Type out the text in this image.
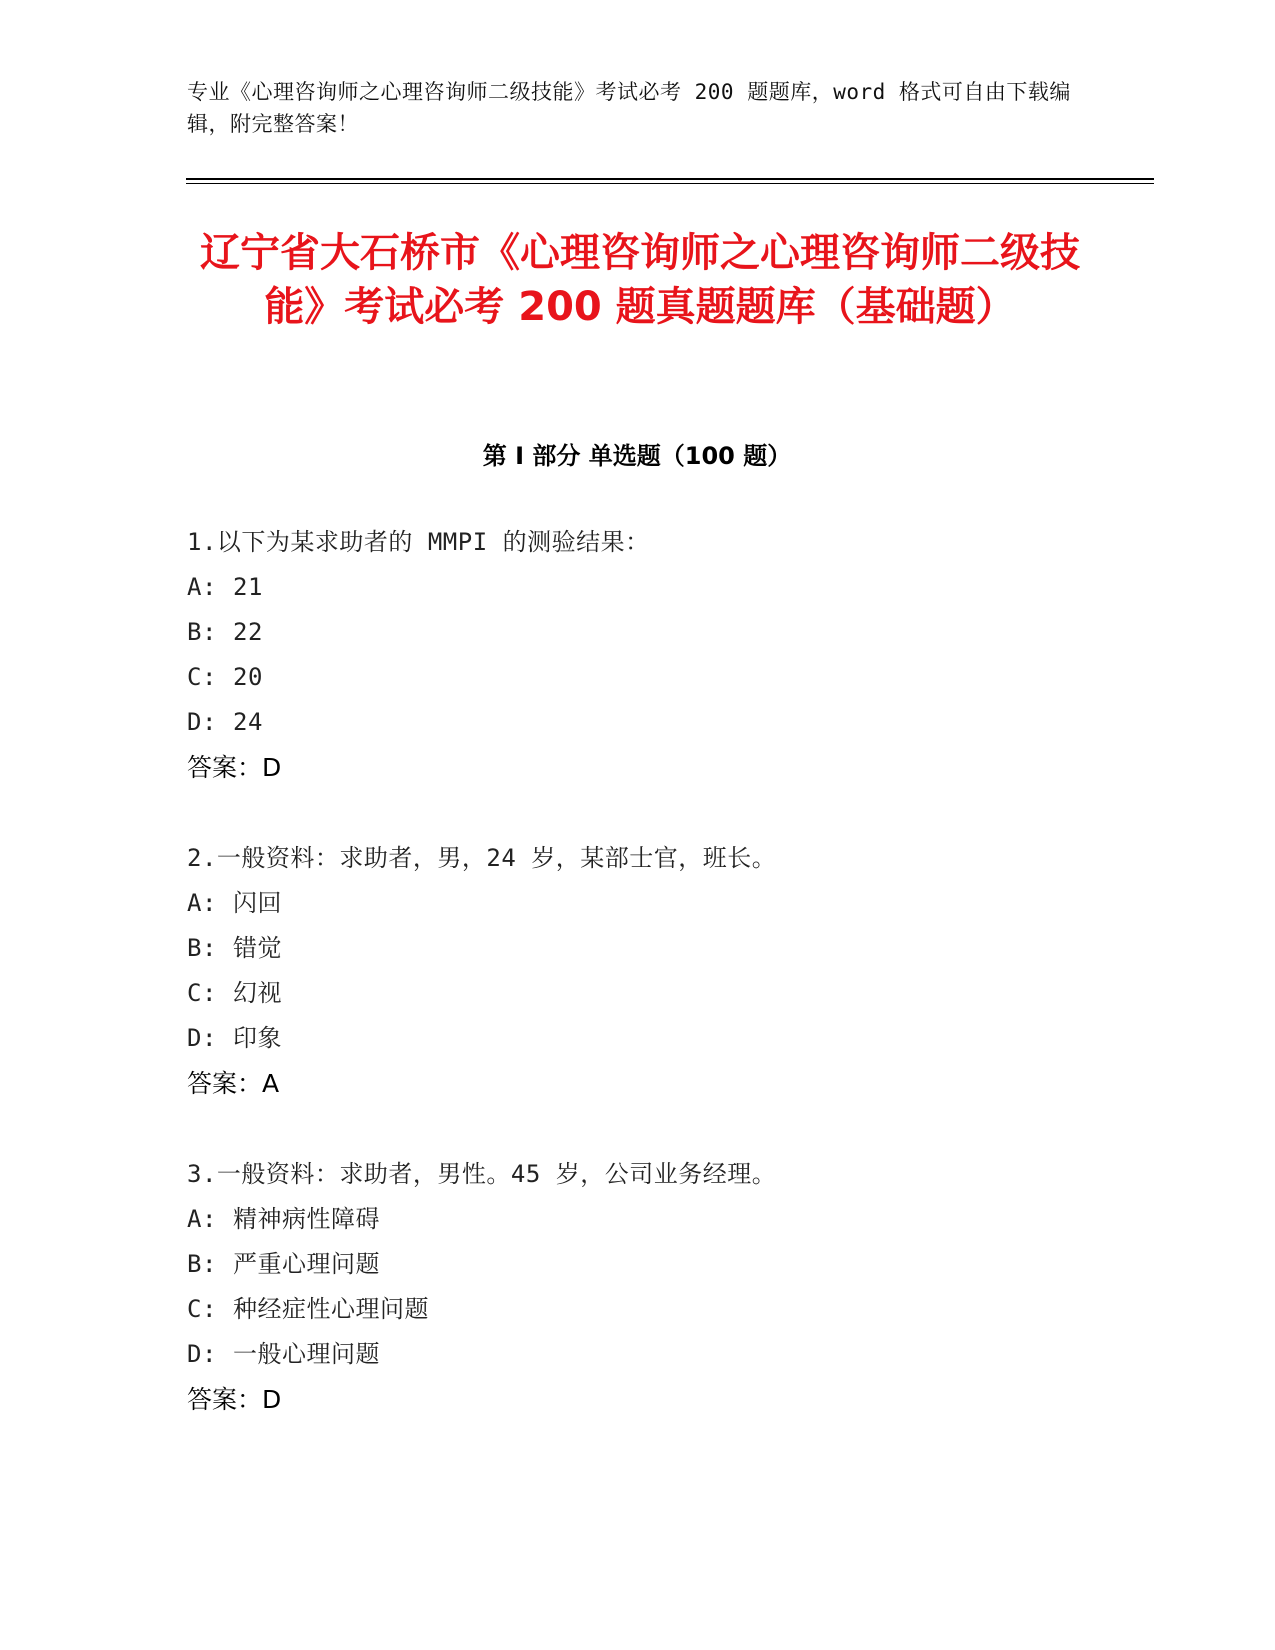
专业《心理咨询师之心理咨询师二级技能》考试必考 200 题题库，word 格式可自由下载编辑，附完整答案！
辽宁省大石桥市《心理咨询师之心理咨询师二级技能》考试必考 200 题真题题库（基础题）
第 I 部分 单选题（100 题）
1.以下为某求助者的 MMPI 的测验结果：
A: 21
B: 22
C: 20
D: 24
答案：D
2.一般资料：求助者，男，24 岁，某部士官，班长。
A: 闪回
B: 错觉
C: 幻视
D: 印象
答案：A
3.一般资料：求助者，男性。45 岁，公司业务经理。
A: 精神病性障碍
B: 严重心理问题
C: 种经症性心理问题
D: 一般心理问题
答案：D
